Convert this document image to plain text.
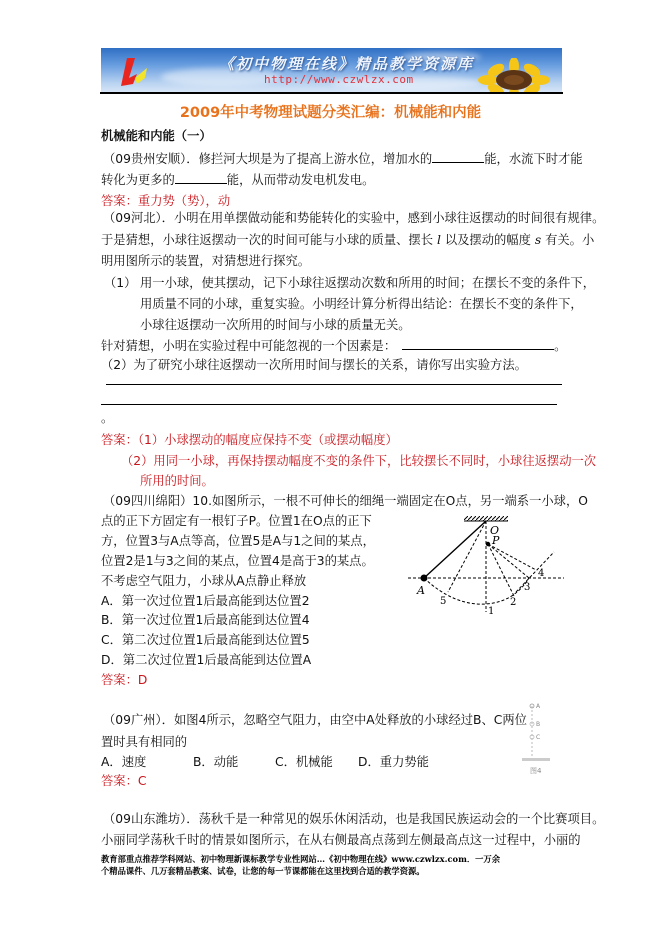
《初中物理在线》精品教学资源库
http://www.czwlzx.com
2009年中考物理试题分类汇编：机械能和内能
机械能和内能（一）
（09贵州安顺）．修拦河大坝是为了提高上游水位，增加水的	能，水流下时才能
转化为更多的	能，从而带动发电机发电。
答案：重力势（势），动
（09河北）．小明在用单摆做动能和势能转化的实验中，感到小球往返摆动的时间很有规律。
于是猜想，小球往返摆动一次的时间可能与小球的质量、摆长 l 以及摆动的幅度 s 有关。小
明用图所示的装置，对猜想进行探究。
（1） 用一小球，使其摆动，记下小球往返摆动次数和所用的时间；在摆长不变的条件下，
用质量不同的小球，重复实验。小明经计算分析得出结论：在摆长不变的条件下，
小球往返摆动一次所用的时间与小球的质量无关。
针对猜想，小明在实验过程中可能忽视的一个因素是：	。
（2）为了研究小球往返摆动一次所用时间与摆长的关系，请你写出实验方法。
。
答案：（1）小球摆动的幅度应保持不变（或摆动幅度）
（2）用同一小球，再保持摆动幅度不变的条件下，比较摆长不同时，小球往返摆动一次
所用的时间。
（09四川绵阳）10.如图所示，一根不可伸长的细绳一端固定在O点，另一端系一小球，O
点的正下方固定有一根钉子P。位置1在O点的正下
方，位置3与A点等高，位置5是A与1之间的某点，
位置2是1与3之间的某点，位置4是高于3的某点。
不考虑空气阻力，小球从A点静止释放
A．第一次过位置1后最高能到达位置2
B．第一次过位置1后最高能到达位置4
C．第二次过位置1后最高能到达位置5
D．第二次过位置1后最高能到达位置A
答案：D
O
P
A
1
2
3
4
5
（09广州）．如图4所示，忽略空气阻力，由空中A处释放的小球经过B、C两位
置时具有相同的
A．速度	B．动能	C．机械能 D．重力势能
答案：C
A
B
C
图4
（09山东潍坊）．荡秋千是一种常见的娱乐休闲活动，也是我国民族运动会的一个比赛项目。
小丽同学荡秋千时的情景如图所示，在从右侧最高点荡到左侧最高点这一过程中，小丽的
教育部重点推荐学科网站、初中物理新课标教学专业性网站…《初中物理在线》www.czwlzx.com．一万余
个精品课件、几万套精品教案、试卷，让您的每一节课都能在这里找到合适的教学资源。
